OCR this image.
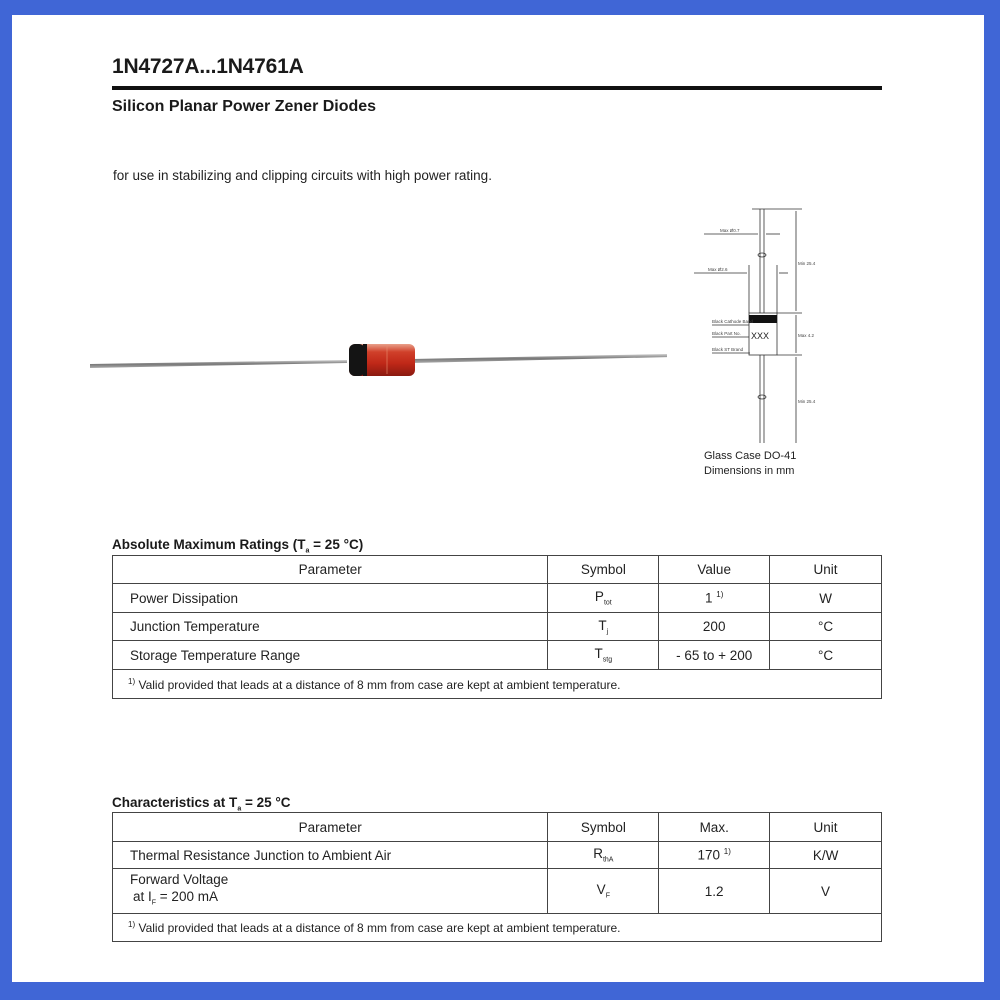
1N4727A...1N4761A
Silicon Planar Power Zener Diodes
for use in stabilizing and clipping circuits with high power rating.
Max Ø0.7
Max Ø2.6
Min 25.4
Max 4.2
Min 25.4
Black Cathode Band
Black Part No.
Black ST Brand
XXX
Glass Case DO-41
Dimensions in mm
Absolute Maximum Ratings ($T_a = 25$ °C)
Parameter	Symbol	Value	Unit
Power Dissipation	$P_{tot}$	1 $^{1)}$	W
Junction Temperature	$T_j$	200	°C
Storage Temperature Range	$T_{stg}$	- 65 to + 200	°C
$^{1)}$ Valid provided that leads at a distance of 8 mm from case are kept at ambient temperature.			
Characteristics at $T_a = 25$ °C
Parameter	Symbol	Max.	Unit
Thermal Resistance Junction to Ambient Air	$R_{thA}$	170 $^{1)}$	K/W

Forward Voltage
at $I_F = 200$ mA	$V_F$	1.2	V
$^{1)}$ Valid provided that leads at a distance of 8 mm from case are kept at ambient temperature.			
